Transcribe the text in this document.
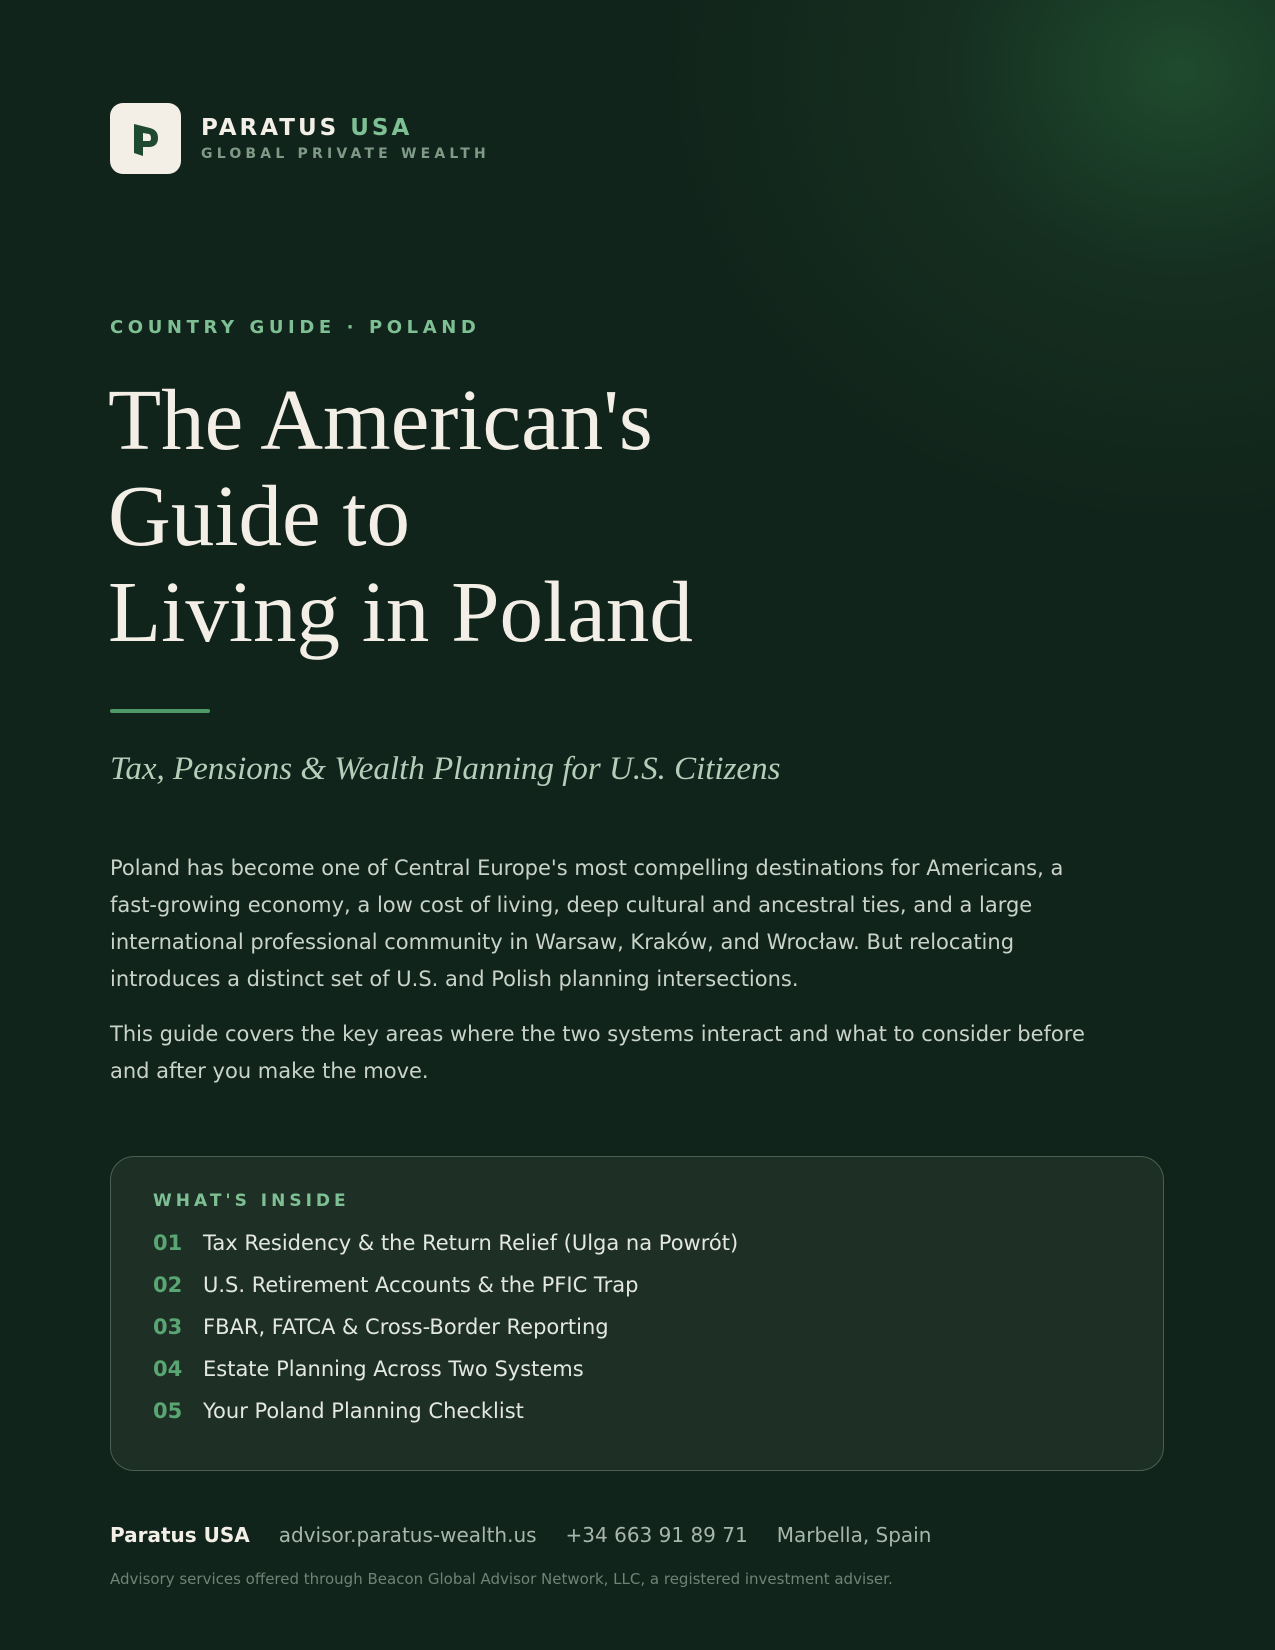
PARATUS USA
GLOBAL PRIVATE WEALTH
COUNTRY GUIDE · POLAND
The American's
Guide to
Living in Poland
Tax, Pensions & Wealth Planning for U.S. Citizens

Poland has become one of Central Europe's most compelling destinations for Americans, a fast-growing economy, a low cost of living, deep cultural and ancestral ties, and a large international professional community in Warsaw, Kraków, and Wrocław. But relocating introduces a distinct set of U.S. and Polish planning intersections.

This guide covers the key areas where the two systems interact and what to consider before and after you make the move.

WHAT'S INSIDE
01 Tax Residency & the Return Relief (Ulga na Powrót)
02 U.S. Retirement Accounts & the PFIC Trap
03 FBAR, FATCA & Cross-Border Reporting
04 Estate Planning Across Two Systems
05 Your Poland Planning Checklist
Paratus USA advisor.paratus-wealth.us +34 663 91 89 71 Marbella, Spain
Advisory services offered through Beacon Global Advisor Network, LLC, a registered investment adviser.
